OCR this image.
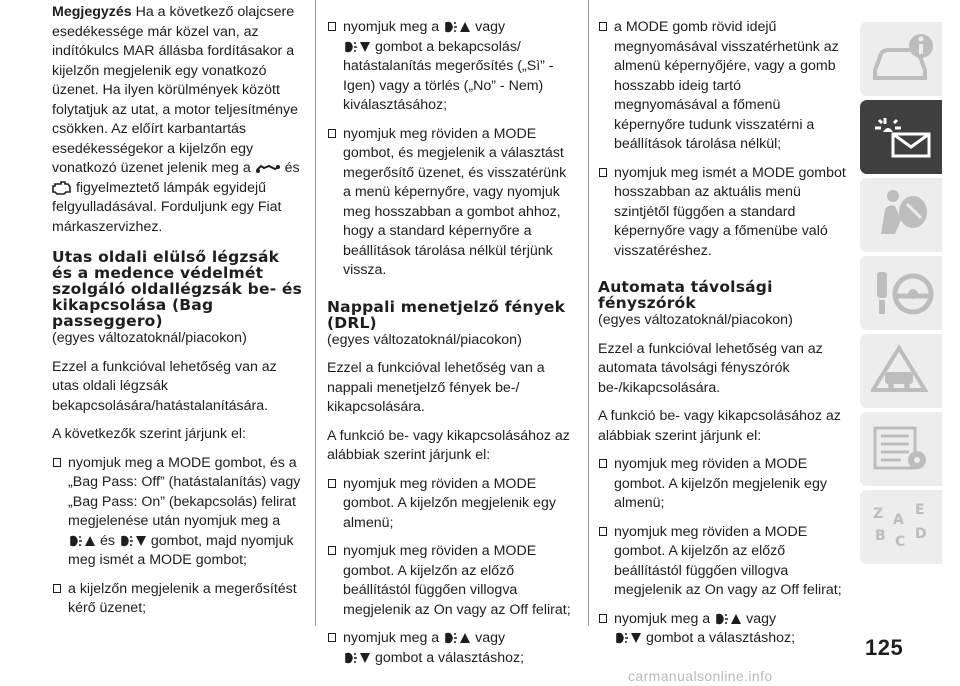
Megjegyzés Ha a következő olajcsere esedékessége már közel van, az indítókulcs MAR állásba fordításakor a kijelzőn megjelenik egy vonatkozó üzenet. Ha ilyen körülmények között folytatjuk az utat, a motor teljesítménye csökken. Az előírt karbantartás esedékességekor a kijelzőn egy vonatkozó üzenet jelenik meg a és
figyelmeztető lámpák egyidejű felgyulladásával. Forduljunk egy Fiat márkaszervizhez.

Utas oldali elülső légzsák és a medence védelmét szolgáló oldallégzsák be- és kikapcsolása (Bag passeggero)
(egyes változatoknál/piacokon)

Ezzel a funkcióval lehetőség van az utas oldali légzsák bekapcsolására/hatástalanítására.

A következők szerint járjunk el:

nyomjuk meg a MODE gombot, és a „Bag Pass: Off” (hatástalanítás) vagy „Bag Pass: On” (bekapcsolás) felirat megjelenése után nyomjuk meg a
és	gombot, majd nyomjuk meg ismét a MODE gombot;
a kijelzőn megjelenik a megerősítést kérő üzenet;
nyomjuk meg a	vagy

gombot a bekapcsolás/ hatástalanítás megerősítés („Sì” - Igen) vagy a törlés („No” - Nem) kiválasztásához;
nyomjuk meg röviden a MODE gombot, és megjelenik a választást megerősítő üzenet, és visszatérünk a menü képernyőre, vagy nyomjuk meg hosszabban a gombot ahhoz, hogy a standard képernyőre a beállítások tárolása nélkül térjünk vissza.
Nappali menetjelző fények (DRL)
(egyes változatoknál/piacokon)

Ezzel a funkcióval lehetőség van a nappali menetjelző fények be-/ kikapcsolására.

A funkció be- vagy kikapcsolásához az alábbiak szerint járjunk el:

nyomjuk meg röviden a MODE gombot. A kijelzőn megjelenik egy almenü;
nyomjuk meg röviden a MODE gombot. A kijelzőn az előző beállítástól függően villogva megjelenik az On vagy az Off felirat;
nyomjuk meg a	vagy

gombot a választáshoz;
a MODE gomb rövid idejű megnyomásával visszatérhetünk az almenü képernyőjére, vagy a gomb hosszabb ideig tartó megnyomásával a főmenü képernyőre tudunk visszatérni a beállítások tárolása nélkül;
nyomjuk meg ismét a MODE gombot hosszabban az aktuális menü szintjétől függően a standard képernyőre vagy a főmenübe való visszatéréshez.
Automata távolsági fényszórók
(egyes változatoknál/piacokon)

Ezzel a funkcióval lehetőség van az automata távolsági fényszórók be-/kikapcsolására.

A funkció be- vagy kikapcsolásához az alábbiak szerint járjunk el:

nyomjuk meg röviden a MODE gombot. A kijelzőn megjelenik egy almenü;
nyomjuk meg röviden a MODE gombot. A kijelzőn az előző beállítástól függően villogva megjelenik az On vagy az Off felirat;
nyomjuk meg a	vagy

gombot a választáshoz;
Z A
E
B C D
125
carmanualsonline.info
